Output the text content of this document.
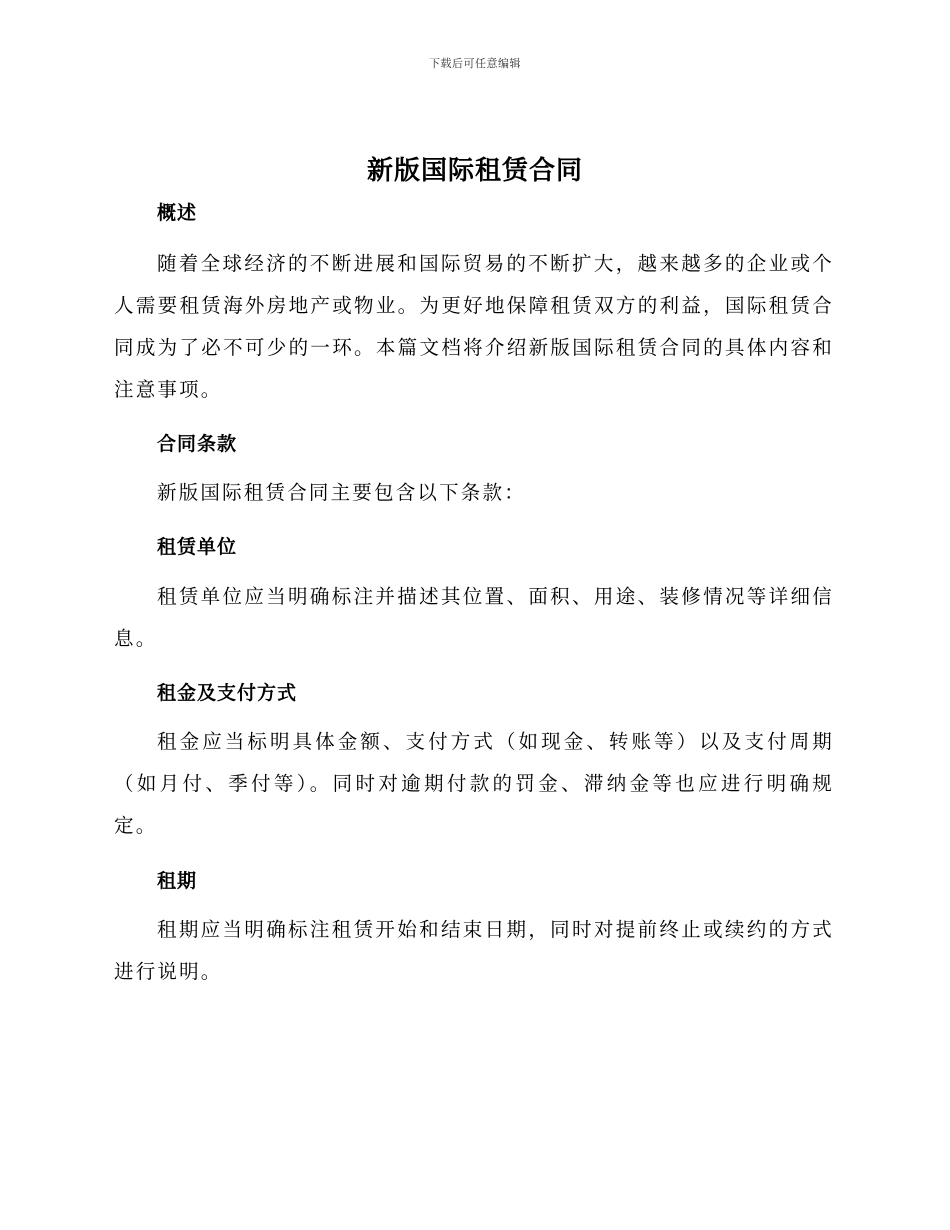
下载后可任意编辑
新版国际租赁合同
概述

随着全球经济的不断进展和国际贸易的不断扩大，越来越多的企业或个人需要租赁海外房地产或物业。为更好地保障租赁双方的利益，国际租赁合同成为了必不可少的一环。本篇文档将介绍新版国际租赁合同的具体内容和注意事项。

合同条款

新版国际租赁合同主要包含以下条款：

租赁单位

租赁单位应当明确标注并描述其位置、面积、用途、装修情况等详细信息。

租金及支付方式

租金应当标明具体金额、支付方式（如现金、转账等）以及支付周期（如月付、季付等）。同时对逾期付款的罚金、滞纳金等也应进行明确规定。

租期

租期应当明确标注租赁开始和结束日期，同时对提前终止或续约的方式进行说明。
